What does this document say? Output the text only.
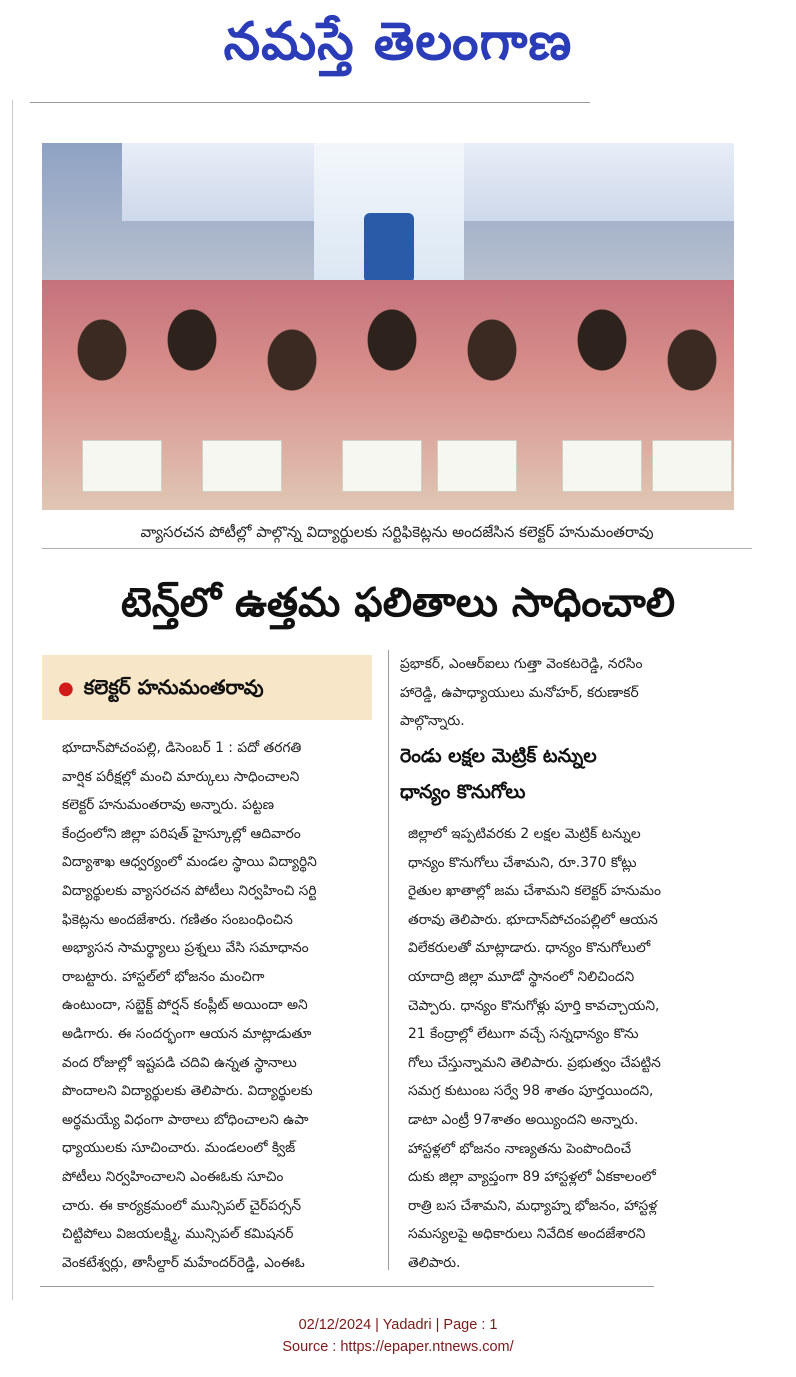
నమస్తే తెలంగాణ
వ్యాసరచన పోటీల్లో పాల్గొన్న విద్యార్థులకు సర్టిఫికెట్లను అందజేసిన కలెక్టర్ హనుమంతరావు
టెన్త్‌లో ఉత్తమ ఫలితాలు సాధించాలి
● కలెక్టర్ హనుమంతరావు
భూదాన్‌పోచంపల్లి, డిసెంబర్ 1 : పదో తరగతి
వార్షిక పరీక్షల్లో మంచి మార్కులు సాధించాలని
కలెక్టర్ హనుమంతరావు అన్నారు. పట్టణ
కేంద్రంలోని జిల్లా పరిషత్ హైస్కూల్లో ఆదివారం
విద్యాశాఖ ఆధ్వర్యంలో మండల స్థాయి విద్యార్థిని
విద్యార్థులకు వ్యాసరచన పోటీలు నిర్వహించి సర్టి
ఫికెట్లను అందజేశారు. గణితం సంబంధించిన
అభ్యాసన సామర్థ్యాలు ప్రశ్నలు వేసి సమాధానం
రాబట్టారు. హాస్టల్‌లో భోజనం మంచిగా
ఉంటుందా, సబ్జెక్ట్ పోర్షన్ కంప్లీట్ అయిందా అని
అడిగారు. ఈ సందర్భంగా ఆయన మాట్లాడుతూ
వంద రోజుల్లో ఇష్టపడి చదివి ఉన్నత స్థానాలు
పొందాలని విద్యార్థులకు తెలిపారు. విద్యార్థులకు
అర్థమయ్యే విధంగా పాఠాలు బోధించాలని ఉపా
ధ్యాయులకు సూచించారు. మండలంలో క్విజ్
పోటీలు నిర్వహించాలని ఎంఈఓకు సూచిం
చారు. ఈ కార్యక్రమంలో మున్సిపల్ చైర్‌పర్సన్
చిట్టిపోలు విజయలక్ష్మి, మున్సిపల్ కమిషనర్
వెంకటేశ్వర్లు, తాసీల్దార్ మహేందర్‌రెడ్డి, ఎంఈఓ
ప్రభాకర్, ఎంఆర్‌ఐలు గుత్తా వెంకటరెడ్డి, నరసిం
హారెడ్డి, ఉపాధ్యాయులు మనోహర్, కరుణాకర్
పాల్గొన్నారు.
రెండు లక్షల మెట్రిక్ టన్నుల
ధాన్యం కొనుగోలు
జిల్లాలో ఇప్పటివరకు 2 లక్షల మెట్రిక్ టన్నుల
ధాన్యం కొనుగోలు చేశామని, రూ.370 కోట్లు
రైతుల ఖాతాల్లో జమ చేశామని కలెక్టర్ హనుమం
తరావు తెలిపారు. భూదాన్‌పోచంపల్లిలో ఆయన
విలేకరులతో మాట్లాడారు. ధాన్యం కొనుగోలులో
యాదాద్రి జిల్లా మూడో స్థానంలో నిలిచిందని
చెప్పారు. ధాన్యం కొనుగోళ్లు పూర్తి కావచ్చాయని,
21 కేంద్రాల్లో లేటుగా వచ్చే సన్నధాన్యం కొను
గోలు చేస్తున్నామని తెలిపారు. ప్రభుత్వం చేపట్టిన
సమగ్ర కుటుంబ సర్వే 98 శాతం పూర్తయిందని,
డాటా ఎంట్రీ 97శాతం అయ్యిందని అన్నారు.
హాస్టళ్లలో భోజనం నాణ్యతను పెంపొందించే
దుకు జిల్లా వ్యాప్తంగా 89 హాస్టళ్లలో ఏకకాలంలో
రాత్రి బస చేశామని, మధ్యాహ్న భోజనం, హాస్టళ్ల
సమస్యలపై అధికారులు నివేదిక అందజేశారని
తెలిపారు.
02/12/2024 | Yadadri | Page : 1
Source : https://epaper.ntnews.com/
